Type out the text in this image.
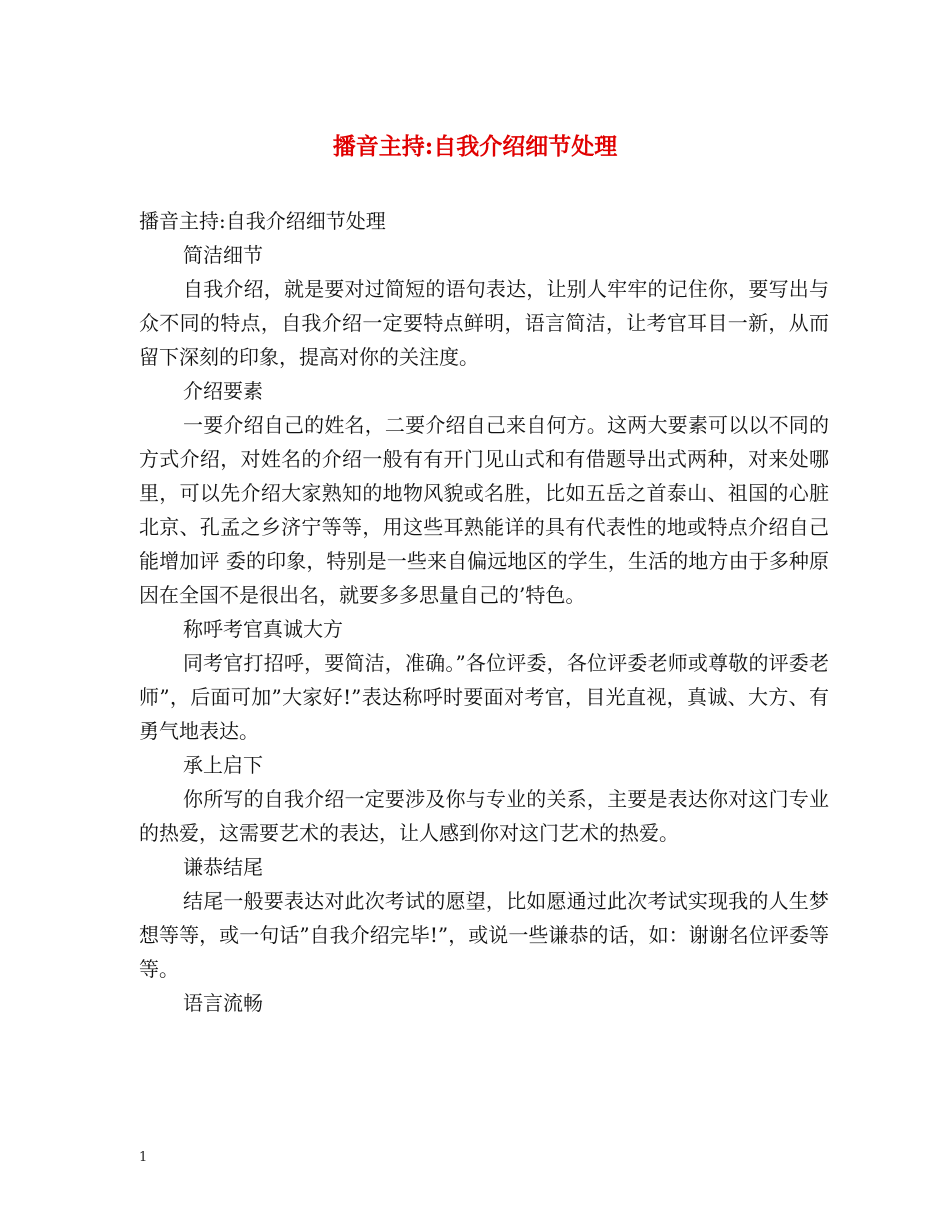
播音主持:自我介绍细节处理

播音主持:自我介绍细节处理

简洁细节

自我介绍，就是要对过简短的语句表达，让别人牢牢的记住你，要写出与众不同的特点，自我介绍一定要特点鲜明，语言简洁，让考官耳目一新，从而留下深刻的印象，提高对你的关注度。

介绍要素

一要介绍自己的姓名，二要介绍自己来自何方。这两大要素可以以不同的方式介绍，对姓名的介绍一般有有开门见山式和有借题导出式两种，对来处哪 里，可以先介绍大家熟知的地物风貌或名胜，比如五岳之首泰山、祖国的心脏北京、孔孟之乡济宁等等，用这些耳熟能详的具有代表性的地或特点介绍自己能增加评 委的印象，特别是一些来自偏远地区的学生，生活的地方由于多种原因在全国不是很出名，就要多多思量自己的’特色。

称呼考官真诚大方

同考官打招呼，要简洁，准确。”各位评委，各位评委老师或尊敬的评委老师”，后面可加”大家好!”表达称呼时要面对考官，目光直视，真诚、大方、有勇气地表达。

承上启下

你所写的自我介绍一定要涉及你与专业的关系，主要是表达你对这门专业的热爱，这需要艺术的表达，让人感到你对这门艺术的热爱。

谦恭结尾

结尾一般要表达对此次考试的愿望，比如愿通过此次考试实现我的人生梦想等等，或一句话”自我介绍完毕!”，或说一些谦恭的话，如：谢谢名位评委等等。

语言流畅

1
